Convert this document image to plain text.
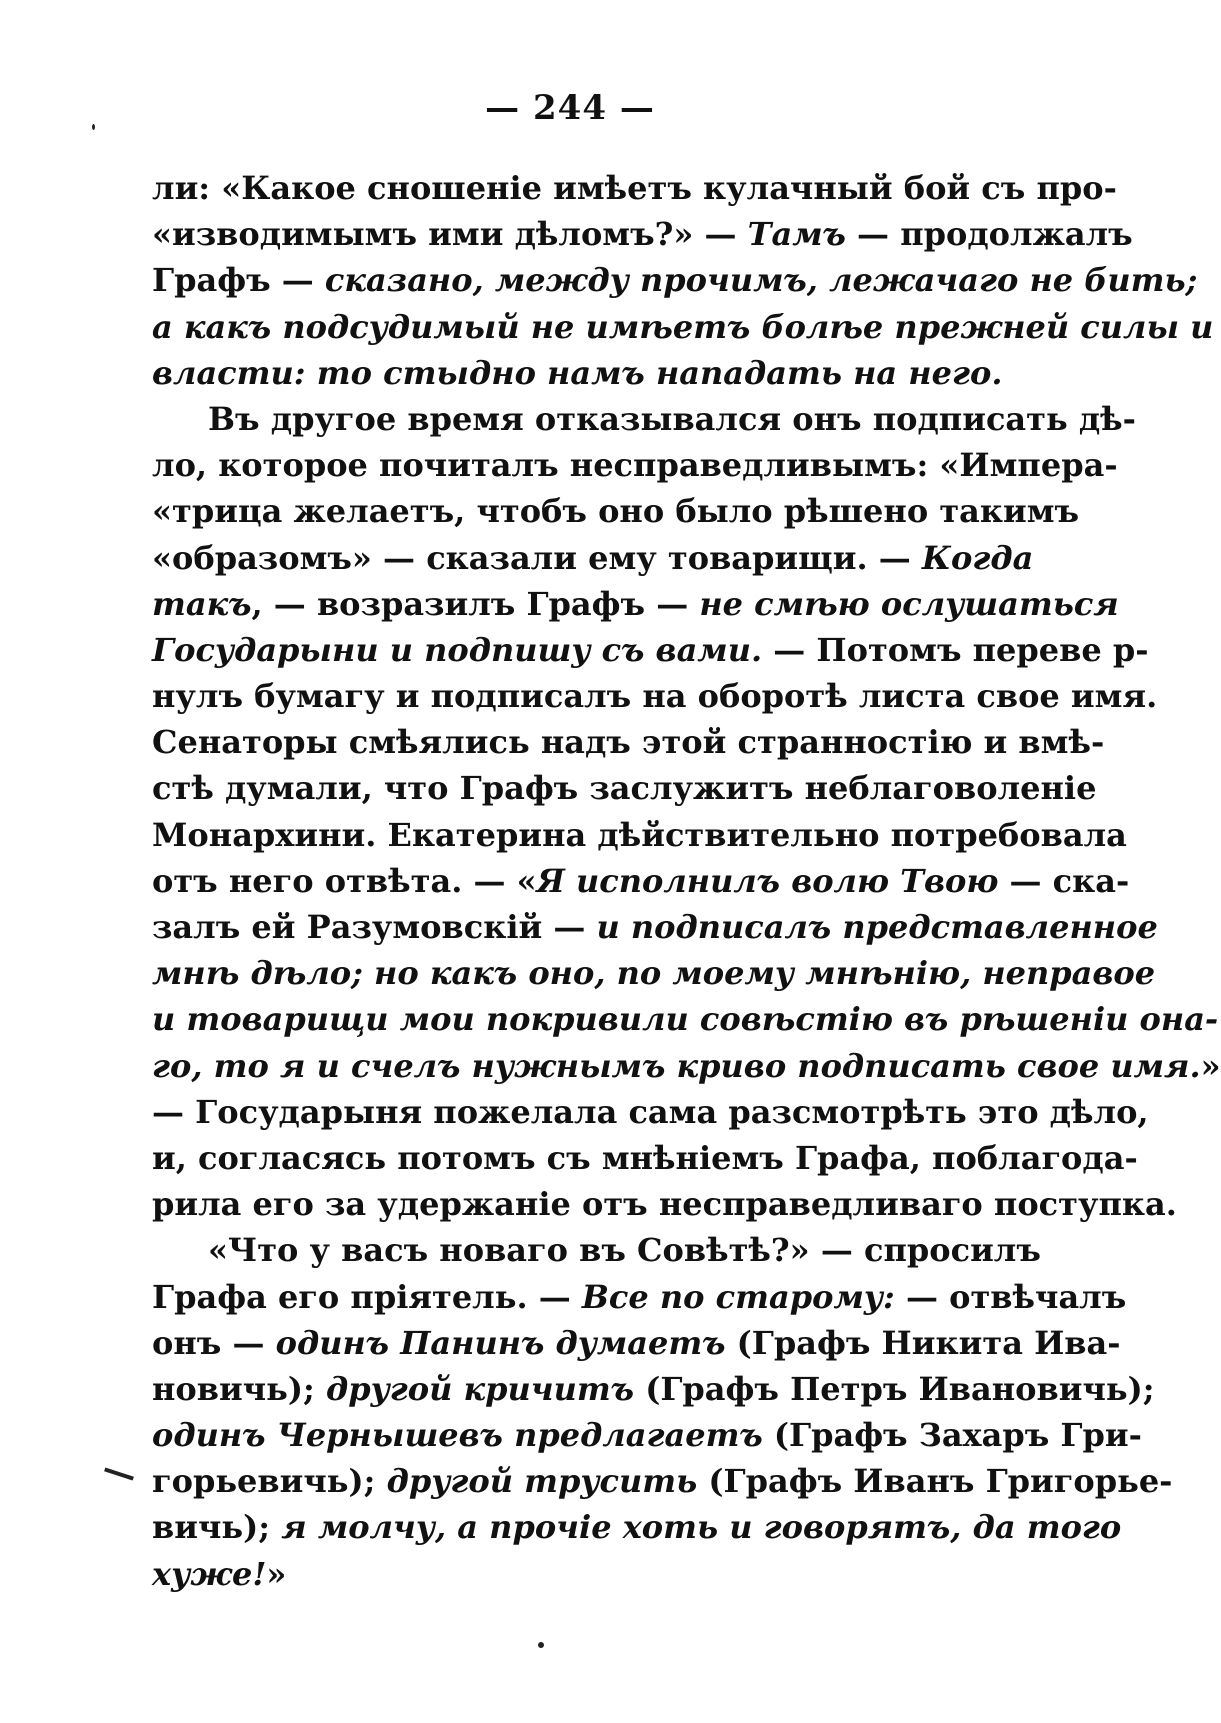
— 244 —
ли: «Какое сношеніе имѣетъ кулачный бой съ про-
«изводимымъ ими дѣломъ?» — Тамъ — продолжалъ
Графъ — сказано, между прочимъ, лежачаго не бить;
а какъ подсудимый не имѣетъ болѣе прежней силы и
власти: то стыдно намъ нападать на него.
Въ другое время отказывался онъ подписать дѣ-
ло, которое почиталъ несправедливымъ: «Импера-
«трица желаетъ, чтобъ оно было рѣшено такимъ
«образомъ» — сказали ему товарищи. — Когда
такъ, — возразилъ Графъ — не смѣю ослушаться
Государыни и подпишу съ вами. — Потомъ переве р-
нулъ бумагу и подписалъ на оборотѣ листа свое имя.
Сенаторы смѣялись надъ этой странностію и вмѣ-
стѣ думали, что Графъ заслужитъ неблаговоленіе
Монархини. Екатерина дѣйствительно потребовала
отъ него отвѣта. — «Я исполнилъ волю Твою — ска-
залъ ей Разумовскій — и подписалъ представленное
мнѣ дѣло; но какъ оно, по моему мнѣнію, неправое
и товарищи мои покривили совѣстію въ рѣшеніи она-
го, то я и счелъ нужнымъ криво подписать свое имя.»
— Государыня пожелала сама разсмотрѣть это дѣло,
и, согласясь потомъ съ мнѣніемъ Графа, поблагода-
рила его за удержаніе отъ несправедливаго поступка.
«Что у васъ новаго въ Совѣтѣ?» — спросилъ
Графа его пріятель. — Все по старому: — отвѣчалъ
онъ — одинъ Панинъ думаетъ (Графъ Никита Ива-
новичь); другой кричитъ (Графъ Петръ Ивановичь);
одинъ Чернышевъ предлагаетъ (Графъ Захаръ Гри-
горьевичь); другой трусить (Графъ Иванъ Григорье-
вичь); я молчу, а прочіе хоть и говорятъ, да того
хуже!»
